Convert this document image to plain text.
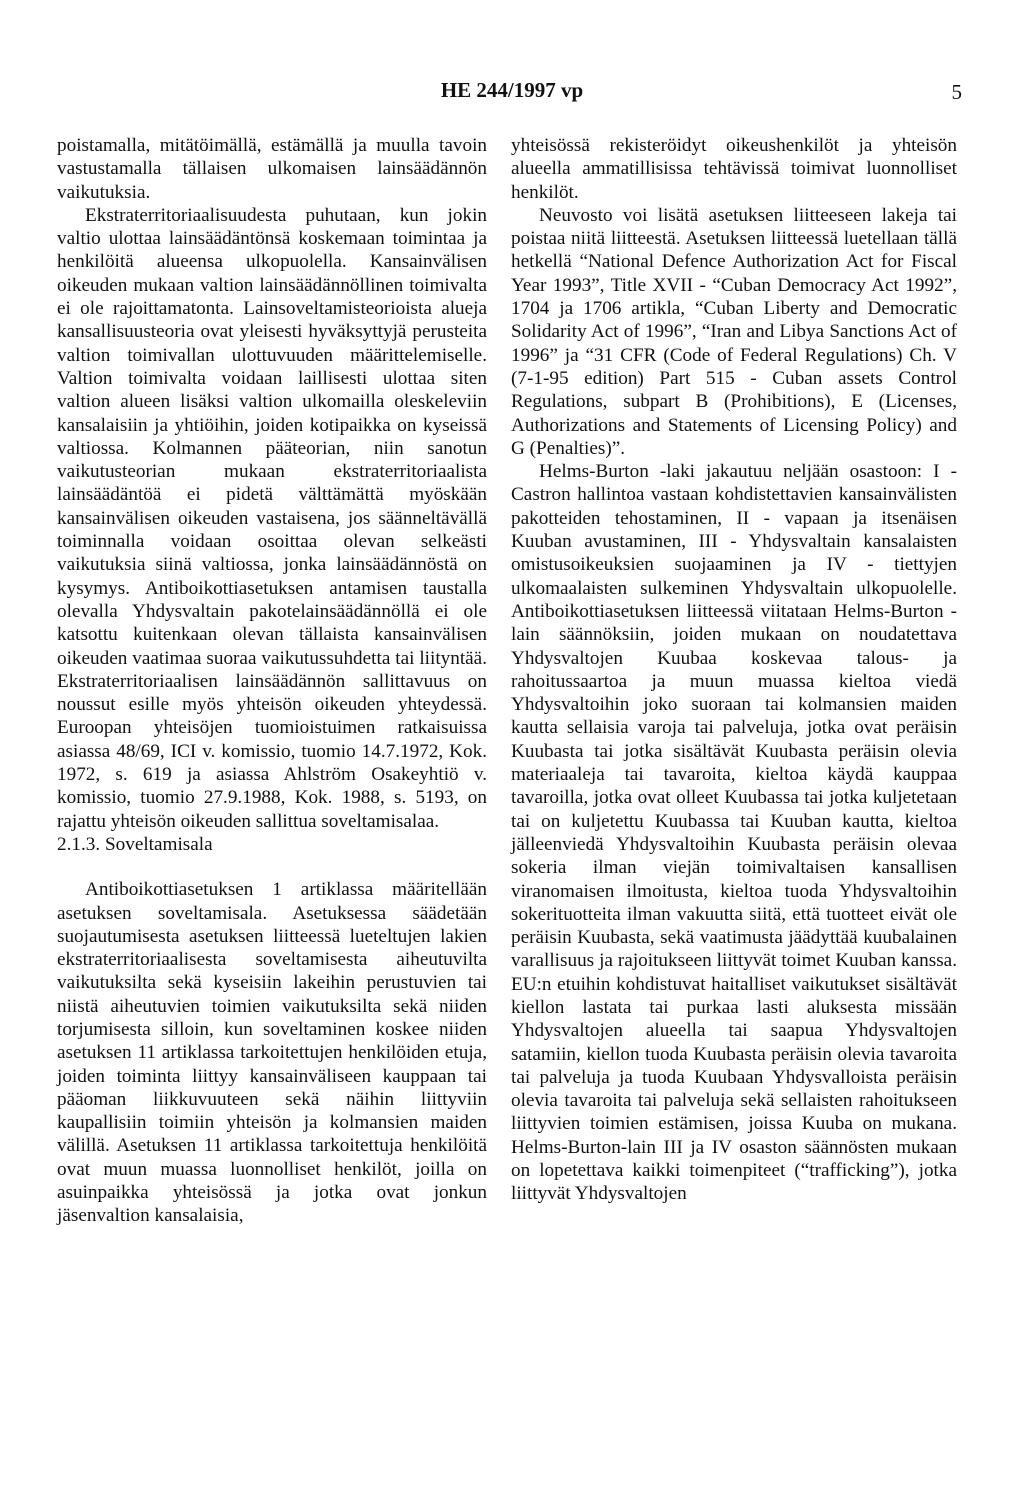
HE 244/1997 vp	5

poistamalla, mitätöimällä, estämällä ja muulla tavoin vastustamalla tällaisen ulkomaisen lainsäädännön vaikutuksia.

Ekstraterritoriaalisuudesta puhutaan, kun jokin valtio ulottaa lainsäädäntönsä koskemaan toimintaa ja henkilöitä alueensa ulkopuolella. Kansainvälisen oikeuden mukaan valtion lainsäädännöllinen toimivalta ei ole rajoittamatonta. Lainsoveltamisteorioista alueja kansallisuusteoria ovat yleisesti hyväksyttyjä perusteita valtion toimivallan ulottuvuuden määrittelemiselle. Valtion toimivalta voidaan laillisesti ulottaa siten valtion alueen lisäksi valtion ulkomailla oleskeleviin kansalaisiin ja yhtiöihin, joiden kotipaikka on kyseissä valtiossa. Kolmannen pääteorian, niin sanotun vaikutusteorian mukaan ekstraterritoriaalista lainsäädäntöä ei pidetä välttämättä myöskään kansainvälisen oikeuden vastaisena, jos säänneltävällä toiminnalla voidaan osoittaa olevan selkeästi vaikutuksia siinä valtiossa, jonka lainsäädännöstä on kysymys. Antiboikottiasetuksen antamisen taustalla olevalla Yhdysvaltain pakotelainsäädännöllä ei ole katsottu kuitenkaan olevan tällaista kansainvälisen oikeuden vaatimaa suoraa vaikutussuhdetta tai liityntää. Ekstraterritoriaalisen lainsäädännön sallittavuus on noussut esille myös yhteisön oikeuden yhteydessä. Euroopan yhteisöjen tuomioistuimen ratkaisuissa asiassa 48/69, ICI v. komissio, tuomio 14.7.1972, Kok. 1972, s. 619 ja asiassa Ahlström Osakeyhtiö v. komissio, tuomio 27.9.1988, Kok. 1988, s. 5193, on rajattu yhteisön oikeuden sallittua soveltamisalaa.

2.1.3. Soveltamisala

Antiboikottiasetuksen 1 artiklassa määritellään asetuksen soveltamisala. Asetuksessa säädetään suojautumisesta asetuksen liitteessä lueteltujen lakien ekstraterritoriaalisesta soveltamisesta aiheutuvilta vaikutuksilta sekä kyseisiin lakeihin perustuvien tai niistä aiheutuvien toimien vaikutuksilta sekä niiden torjumisesta silloin, kun soveltaminen koskee niiden asetuksen 11 artiklassa tarkoitettujen henkilöiden etuja, joiden toiminta liittyy kansainväliseen kauppaan tai pääoman liikkuvuuteen sekä näihin liittyviin kaupallisiin toimiin yhteisön ja kolmansien maiden välillä. Asetuksen 11 artiklassa tarkoitettuja henkilöitä ovat muun muassa luonnolliset henkilöt, joilla on asuinpaikka yhteisössä ja jotka ovat jonkun jäsenvaltion kansalaisia,

yhteisössä rekisteröidyt oikeushenkilöt ja yhteisön alueella ammatillisissa tehtävissä toimivat luonnolliset henkilöt.

Neuvosto voi lisätä asetuksen liitteeseen lakeja tai poistaa niitä liitteestä. Asetuksen liitteessä luetellaan tällä hetkellä “National Defence Authorization Act for Fiscal Year 1993”, Title XVII - “Cuban Democracy Act 1992”, 1704 ja 1706 artikla, “Cuban Liberty and Democratic Solidarity Act of 1996”, “Iran and Libya Sanctions Act of 1996” ja “31 CFR (Code of Federal Regulations) Ch. V (7-1-95 edition) Part 515 - Cuban assets Control Regulations, subpart B (Prohibitions), E (Licenses, Authorizations and Statements of Licensing Policy) and G (Penalties)”.

Helms-Burton -laki jakautuu neljään osastoon: I - Castron hallintoa vastaan kohdistettavien kansainvälisten pakotteiden tehostaminen, II - vapaan ja itsenäisen Kuuban avustaminen, III - Yhdysvaltain kansalaisten omistusoikeuksien suojaaminen ja IV - tiettyjen ulkomaalaisten sulkeminen Yhdysvaltain ulkopuolelle. Antiboikottiasetuksen liitteessä viitataan Helms-Burton -lain säännöksiin, joiden mukaan on noudatettava Yhdysvaltojen Kuubaa koskevaa talous- ja rahoitussaartoa ja muun muassa kieltoa viedä Yhdysvaltoihin joko suoraan tai kolmansien maiden kautta sellaisia varoja tai palveluja, jotka ovat peräisin Kuubasta tai jotka sisältävät Kuubasta peräisin olevia materiaaleja tai tavaroita, kieltoa käydä kauppaa tavaroilla, jotka ovat olleet Kuubassa tai jotka kuljetetaan tai on kuljetettu Kuubassa tai Kuuban kautta, kieltoa jälleenviedä Yhdysvaltoihin Kuubasta peräisin olevaa sokeria ilman viejän toimivaltaisen kansallisen viranomaisen ilmoitusta, kieltoa tuoda Yhdysvaltoihin sokerituotteita ilman vakuutta siitä, että tuotteet eivät ole peräisin Kuubasta, sekä vaatimusta jäädyttää kuubalainen varallisuus ja rajoitukseen liittyvät toimet Kuuban kanssa. EU:n etuihin kohdistuvat haitalliset vaikutukset sisältävät kiellon lastata tai purkaa lasti aluksesta missään Yhdysvaltojen alueella tai saapua Yhdysvaltojen satamiin, kiellon tuoda Kuubasta peräisin olevia tavaroita tai palveluja ja tuoda Kuubaan Yhdysvalloista peräisin olevia tavaroita tai palveluja sekä sellaisten rahoitukseen liittyvien toimien estämisen, joissa Kuuba on mukana. Helms-Burton-lain III ja IV osaston säännösten mukaan on lopetettava kaikki toimenpiteet (“trafficking”), jotka liittyvät Yhdysvaltojen
